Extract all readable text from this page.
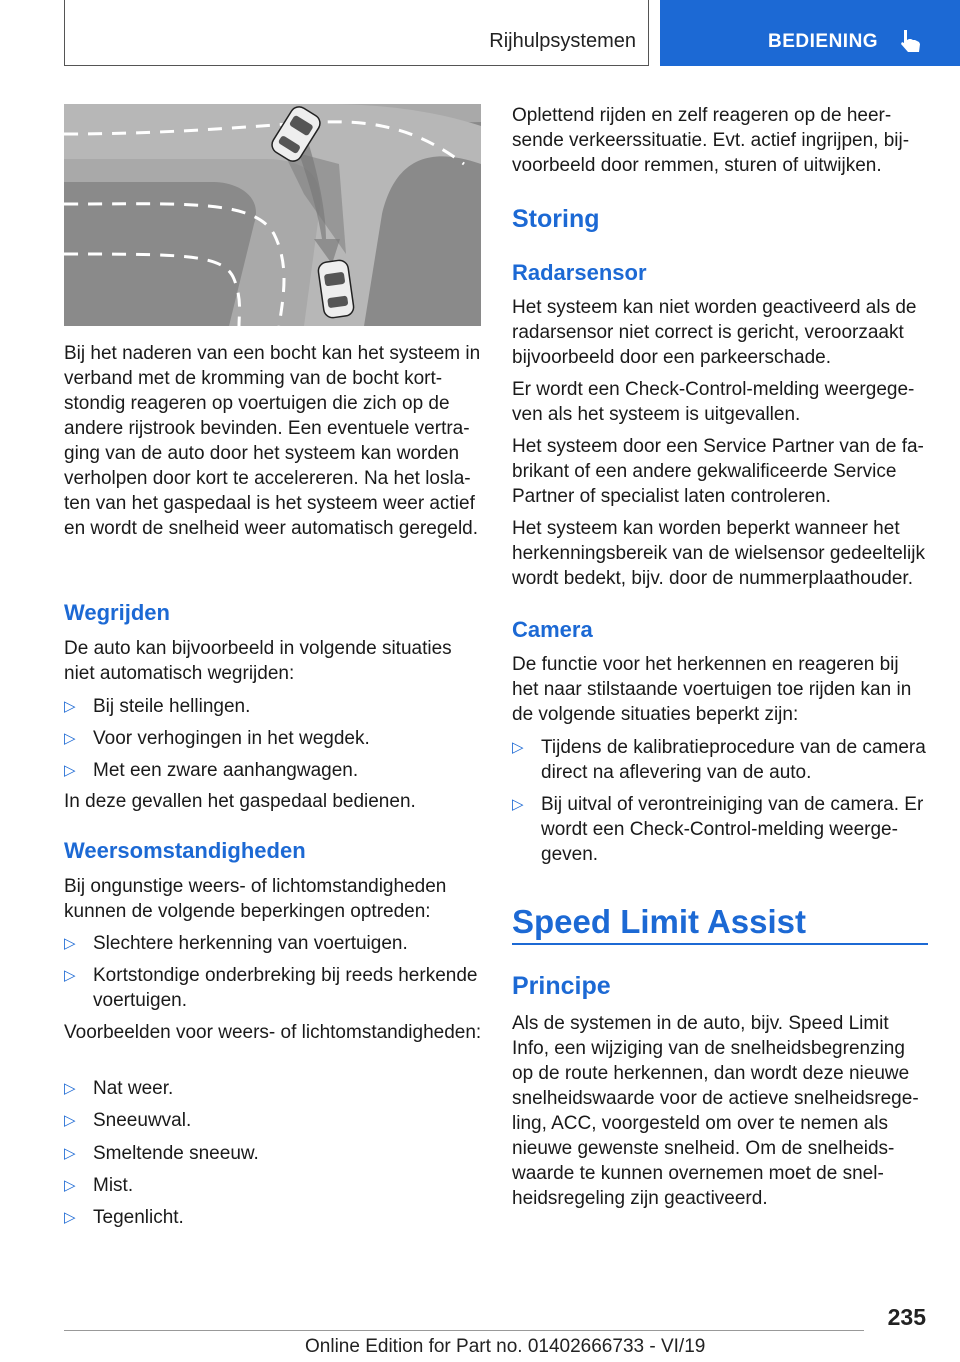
Rijhulpsystemen	BEDIENING

Bij het naderen van een bocht kan het systeem in verband met de kromming van de bocht kortstondig reageren op voertuigen die zich op de andere rijstrook bevinden. Een eventuele vertraging van de auto door het systeem kan worden verholpen door kort te accelereren. Na het loslaten van het gaspedaal is het systeem weer actief en wordt de snelheid weer automatisch geregeld.

Wegrijden

De auto kan bijvoorbeeld in volgende situaties niet automatisch wegrijden:

▷ Bij steile hellingen.
▷ Voor verhogingen in het wegdek.
▷ Met een zware aanhangwagen.

In deze gevallen het gaspedaal bedienen.

Weersomstandigheden

Bij ongunstige weers- of lichtomstandigheden kunnen de volgende beperkingen optreden:

▷ Slechtere herkenning van voertuigen.
▷ Kortstondige onderbreking bij reeds herkende voertuigen.

Voorbeelden voor weers- of lichtomstandigheden:

▷ Nat weer.
▷ Sneeuwval.
▷ Smeltende sneeuw.
▷ Mist.
▷ Tegenlicht.

Oplettend rijden en zelf reageren op de heersende verkeerssituatie. Evt. actief ingrijpen, bijvoorbeeld door remmen, sturen of uitwijken.

Storing
Radarsensor

Het systeem kan niet worden geactiveerd als de radarsensor niet correct is gericht, veroorzaakt bijvoorbeeld door een parkeerschade.

Er wordt een Check-Control-melding weergegeven als het systeem is uitgevallen.

Het systeem door een Service Partner van de fabrikant of een andere gekwalificeerde Service Partner of specialist laten controleren.

Het systeem kan worden beperkt wanneer het herkenningsbereik van de wielsensor gedeeltelijk wordt bedekt, bijv. door de nummerplaathouder.

Camera

De functie voor het herkennen en reageren bij het naar stilstaande voertuigen toe rijden kan in de volgende situaties beperkt zijn:

▷ Tijdens de kalibratieprocedure van de camera direct na aflevering van de auto.
▷ Bij uitval of verontreiniging van de camera. Er wordt een Check-Control-melding weergegeven.
Speed Limit Assist
Principe

Als de systemen in de auto, bijv. Speed Limit Info, een wijziging van de snelheidsbegrenzing op de route herkennen, dan wordt deze nieuwe snelheidswaarde voor de actieve snelheidsregeling, ACC, voorgesteld om over te nemen als nieuwe gewenste snelheid. Om de snelheidswaarde te kunnen overnemen moet de snelheidsregeling zijn geactiveerd.

235
Online Edition for Part no. 01402666733 - VI/19
